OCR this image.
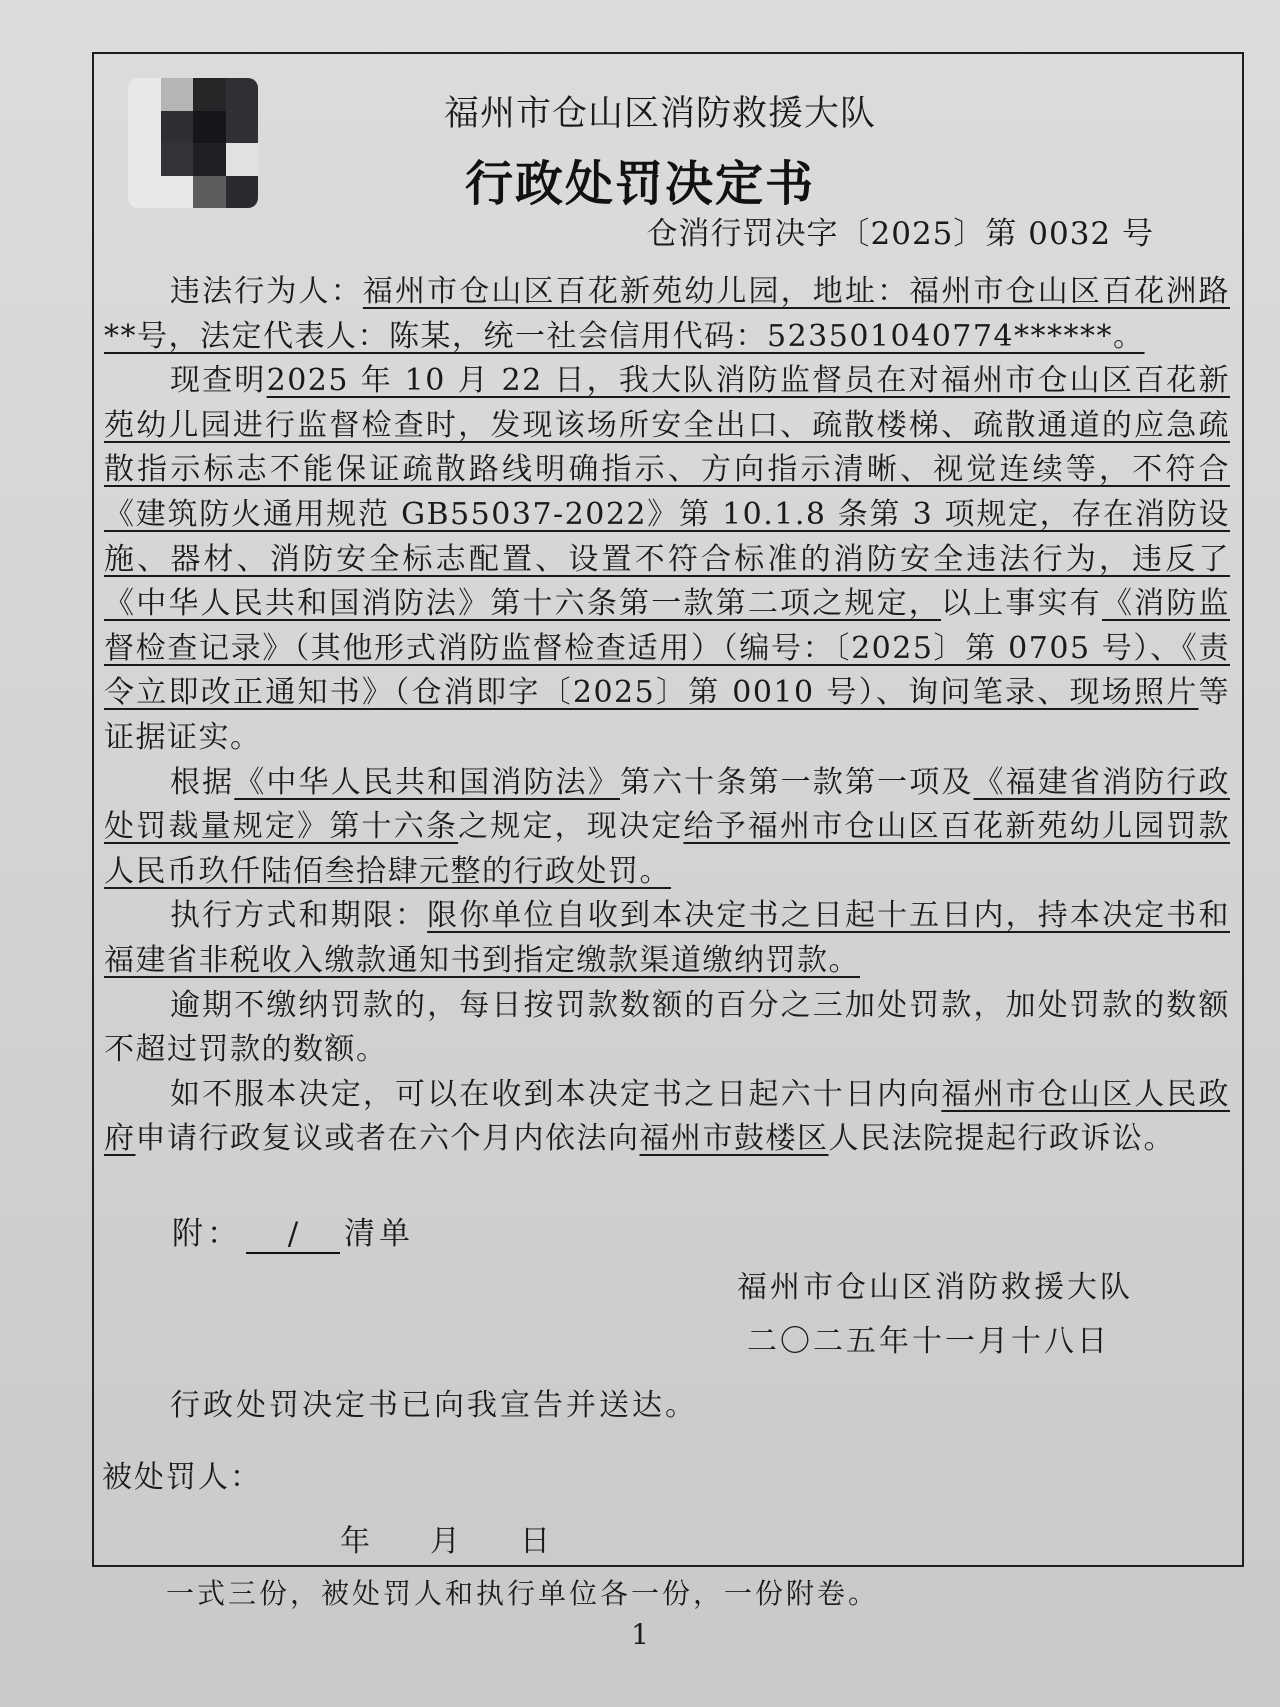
福州市仓山区消防救援大队
行政处罚决定书
仓消行罚决字〔2025〕第 0032 号

违法行为人：福州市仓山区百花新苑幼儿园，地址：福州市仓山区百花洲路**号，法定代表人：陈某，统一社会信用代码：523501040774******。

现查明2025 年 10 月 22 日，我大队消防监督员在对福州市仓山区百花新苑幼儿园进行监督检查时，发现该场所安全出口、疏散楼梯、疏散通道的应急疏散指示标志不能保证疏散路线明确指示、方向指示清晰、视觉连续等，不符合《建筑防火通用规范 GB55037-2022》第 10.1.8 条第 3 项规定，存在消防设施、器材、消防安全标志配置、设置不符合标准的消防安全违法行为，违反了《中华人民共和国消防法》第十六条第一款第二项之规定，以上事实有《消防监督检查记录》（其他形式消防监督检查适用）（编号：〔2025〕第 0705 号）、《责令立即改正通知书》（仓消即字〔2025〕第 0010 号）、询问笔录、现场照片等证据证实。

根据《中华人民共和国消防法》第六十条第一款第一项及《福建省消防行政处罚裁量规定》第十六条之规定，现决定给予福州市仓山区百花新苑幼儿园罚款人民币玖仟陆佰叁拾肆元整的行政处罚。

执行方式和期限：限你单位自收到本决定书之日起十五日内，持本决定书和福建省非税收入缴款通知书到指定缴款渠道缴纳罚款。

逾期不缴纳罚款的，每日按罚款数额的百分之三加处罚款，加处罚款的数额不超过罚款的数额。

如不服本决定，可以在收到本决定书之日起六十日内向福州市仓山区人民政府申请行政复议或者在六个月内依法向福州市鼓楼区人民法院提起行政诉讼。

附： / 清单
福州市仓山区消防救援大队
二〇二五年十一月十八日
行政处罚决定书已向我宣告并送达。
被处罚人：
年 月 日
一式三份，被处罚人和执行单位各一份，一份附卷。
1
